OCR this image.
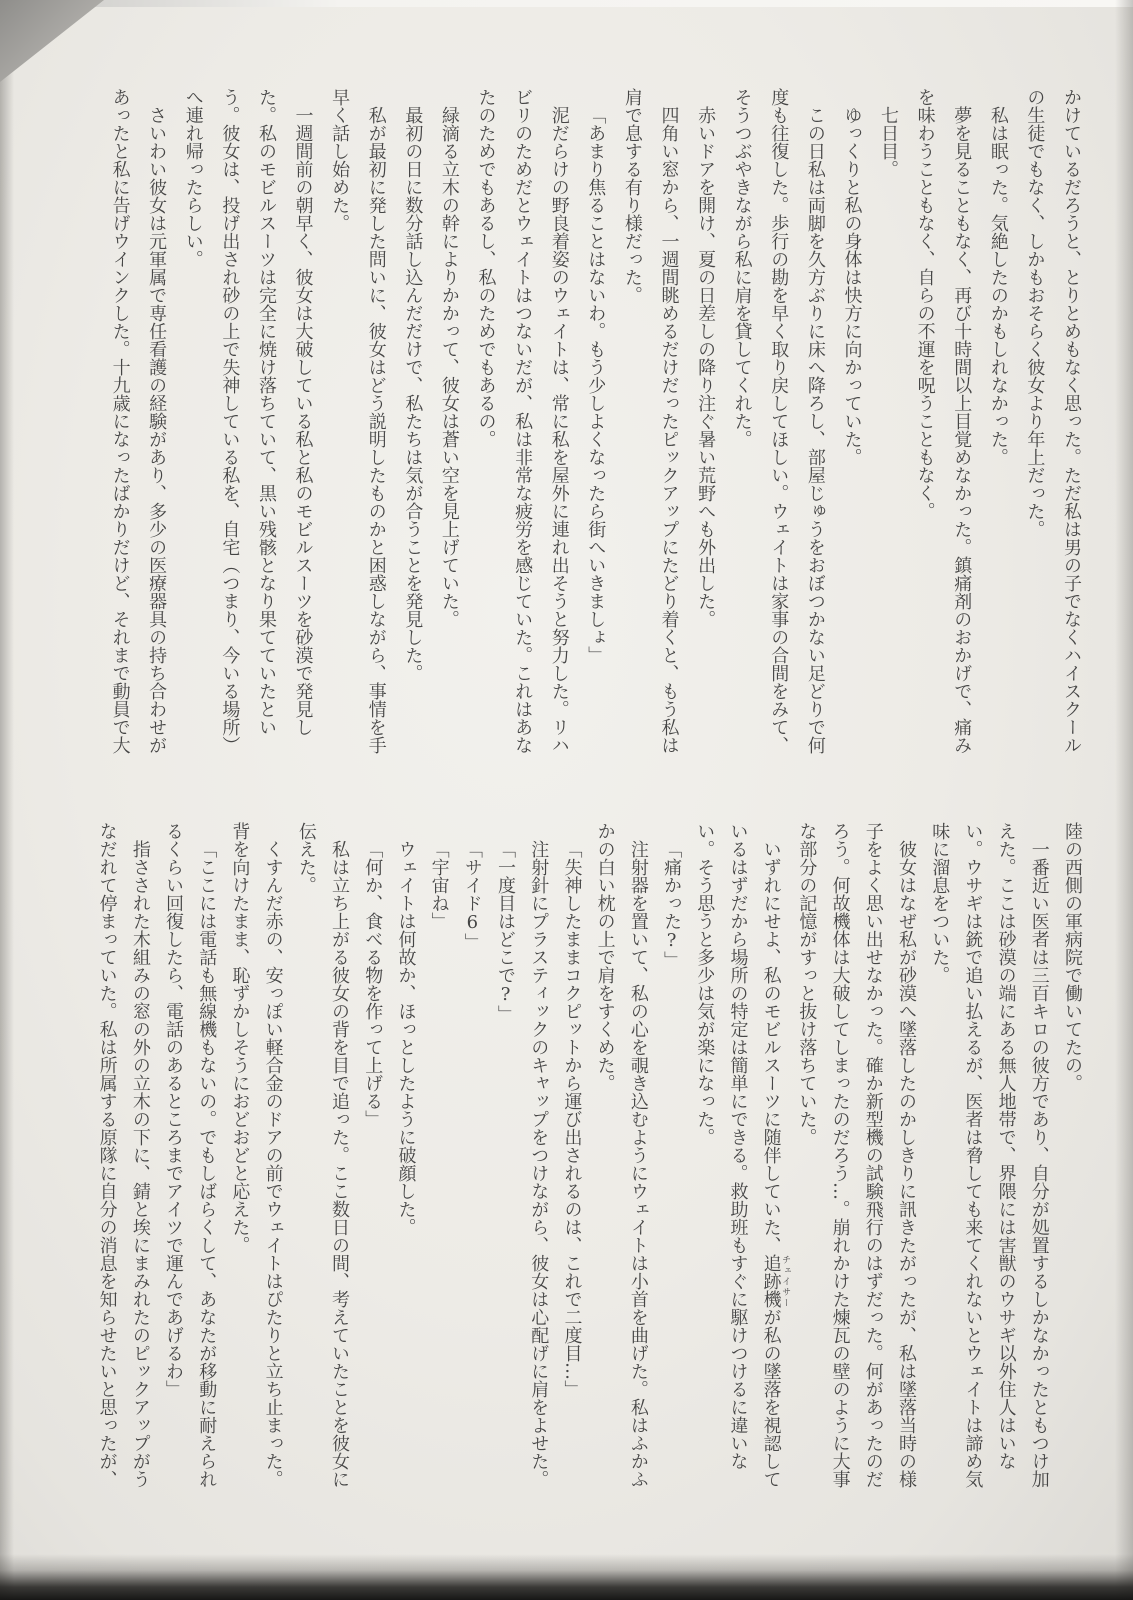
かけているだろうと、とりとめもなく思った。ただ私は男の子でなくハイスクールの生徒でもなく、しかもおそらく彼女より年上だった。

私は眠った。気絶したのかもしれなかった。

夢を見ることもなく、再び十時間以上目覚めなかった。鎮痛剤のおかげで、痛みを味わうこともなく、自らの不運を呪うこともなく。

七日目。

ゆっくりと私の身体は快方に向かっていた。

この日私は両脚を久方ぶりに床へ降ろし、部屋じゅうをおぼつかない足どりで何度も往復した。歩行の勘を早く取り戻してほしい。ウェイトは家事の合間をみて、そうつぶやきながら私に肩を貸してくれた。

赤いドアを開け、夏の日差しの降り注ぐ暑い荒野へも外出した。

四角い窓から、一週間眺めるだけだったピックアップにたどり着くと、もう私は肩で息する有り様だった。

「あまり焦ることはないわ。もう少しよくなったら街へいきましょ」

泥だらけの野良着姿のウェイトは、常に私を屋外に連れ出そうと努力した。リハビリのためだとウェイトはつないだが、私は非常な疲労を感じていた。これはあなたのためでもあるし、私のためでもあるの。

緑滴る立木の幹によりかかって、彼女は蒼い空を見上げていた。

最初の日に数分話し込んだだけで、私たちは気が合うことを発見した。

私が最初に発した問いに、彼女はどう説明したものかと困惑しながら、事情を手早く話し始めた。

一週間前の朝早く、彼女は大破している私と私のモビルスーツを砂漠で発見した。私のモビルスーツは完全に焼け落ちていて、黒い残骸となり果てていたという。彼女は、投げ出され砂の上で失神している私を、自宅（つまり、今いる場所）へ連れ帰ったらしい。

さいわい彼女は元軍属で専任看護の経験があり、多少の医療器具の持ち合わせがあったと私に告げウインクした。十九歳になったばかりだけど、それまで動員で大

陸の西側の軍病院で働いてたの。

一番近い医者は三百キロの彼方であり、自分が処置するしかなかったともつけ加えた。ここは砂漠の端にある無人地帯で、界隈には害獣のウサギ以外住人はいない。ウサギは銃で追い払えるが、医者は脅しても来てくれないとウェイトは諦め気味に溜息をついた。

彼女はなぜ私が砂漠へ墜落したのかしきりに訊きたがったが、私は墜落当時の様子をよく思い出せなかった。確か新型機の試験飛行のはずだった。何があったのだろう。何故機体は大破してしまったのだろう…。崩れかけた煉瓦の壁のように大事な部分の記憶がすっと抜け落ちていた。

いずれにせよ、私のモビルスーツに随伴していた、追跡機チェイサーが私の墜落を視認しているはずだから場所の特定は簡単にできる。救助班もすぐに駆けつけるに違いない。そう思うと多少は気が楽になった。

「痛かった?」

注射器を置いて、私の心を覗き込むようにウェイトは小首を曲げた。私はふかふかの白い枕の上で肩をすくめた。

「失神したままコクピットから運び出されるのは、これで二度目…」

注射針にプラスティックのキャップをつけながら、彼女は心配げに肩をよせた。

「一度目はどこで?」

「サイド6」

「宇宙ね」

ウェイトは何故か、ほっとしたように破顔した。

「何か、食べる物を作って上げる」

私は立ち上がる彼女の背を目で追った。ここ数日の間、考えていたことを彼女に伝えた。

くすんだ赤の、安っぽい軽合金のドアの前でウェイトはぴたりと立ち止まった。背を向けたまま、恥ずかしそうにおどおどと応えた。

「ここには電話も無線機もないの。でもしばらくして、あなたが移動に耐えられるくらい回復したら、電話のあるところまでアイツで運んであげるわ」

指さされた木組みの窓の外の立木の下に、錆と埃にまみれたのピックアップがうなだれて停まっていた。私は所属する原隊に自分の消息を知らせたいと思ったが、
